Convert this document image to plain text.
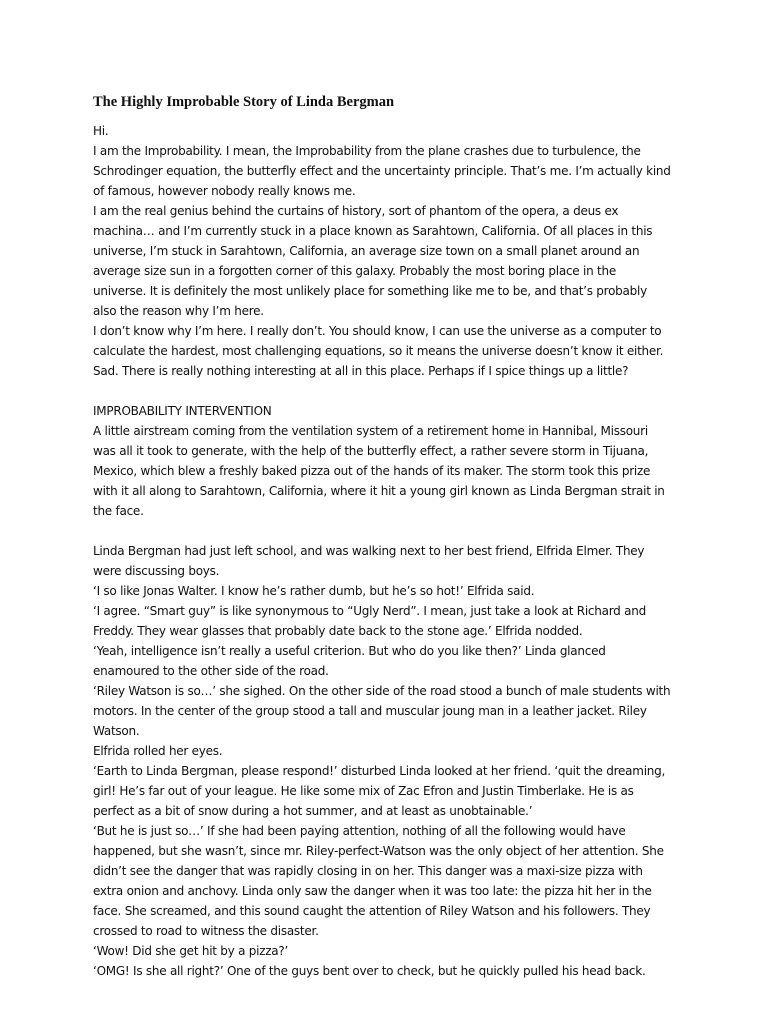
The Highly Improbable Story of Linda Bergman

Hi.

I am the Improbability. I mean, the Improbability from the plane crashes due to turbulence, the Schrodinger equation, the butterfly effect and the uncertainty principle. That’s me. I’m actually kind of famous, however nobody really knows me.

I am the real genius behind the curtains of history, sort of phantom of the opera, a deus ex machina… and I’m currently stuck in a place known as Sarahtown, California. Of all places in this universe, I’m stuck in Sarahtown, California, an average size town on a small planet around an average size sun in a forgotten corner of this galaxy. Probably the most boring place in the universe. It is definitely the most unlikely place for something like me to be, and that’s probably also the reason why I’m here.

I don’t know why I’m here. I really don’t. You should know, I can use the universe as a computer to calculate the hardest, most challenging equations, so it means the universe doesn’t know it either. Sad. There is really nothing interesting at all in this place. Perhaps if I spice things up a little?

IMPROBABILITY INTERVENTION

A little airstream coming from the ventilation system of a retirement home in Hannibal, Missouri was all it took to generate, with the help of the butterfly effect, a rather severe storm in Tijuana, Mexico, which blew a freshly baked pizza out of the hands of its maker. The storm took this prize with it all along to Sarahtown, California, where it hit a young girl known as Linda Bergman strait in the face.

Linda Bergman had just left school, and was walking next to her best friend, Elfrida Elmer. They were discussing boys.

‘I so like Jonas Walter. I know he’s rather dumb, but he’s so hot!’ Elfrida said.

‘I agree. “Smart guy” is like synonymous to “Ugly Nerd”. I mean, just take a look at Richard and Freddy. They wear glasses that probably date back to the stone age.’ Elfrida nodded.

‘Yeah, intelligence isn’t really a useful criterion. But who do you like then?’ Linda glanced enamoured to the other side of the road.

‘Riley Watson is so…’ she sighed. On the other side of the road stood a bunch of male students with motors. In the center of the group stood a tall and muscular joung man in a leather jacket. Riley Watson.

Elfrida rolled her eyes.

‘Earth to Linda Bergman, please respond!’ disturbed Linda looked at her friend. ‘quit the dreaming, girl! He’s far out of your league. He like some mix of Zac Efron and Justin Timberlake. He is as perfect as a bit of snow during a hot summer, and at least as unobtainable.’

‘But he is just so…’ If she had been paying attention, nothing of all the following would have happened, but she wasn’t, since mr. Riley-perfect-Watson was the only object of her attention. She didn’t see the danger that was rapidly closing in on her. This danger was a maxi-size pizza with extra onion and anchovy. Linda only saw the danger when it was too late: the pizza hit her in the face. She screamed, and this sound caught the attention of Riley Watson and his followers. They crossed to road to witness the disaster.

‘Wow! Did she get hit by a pizza?’

‘OMG! Is she all right?’ One of the guys bent over to check, but he quickly pulled his head back.
